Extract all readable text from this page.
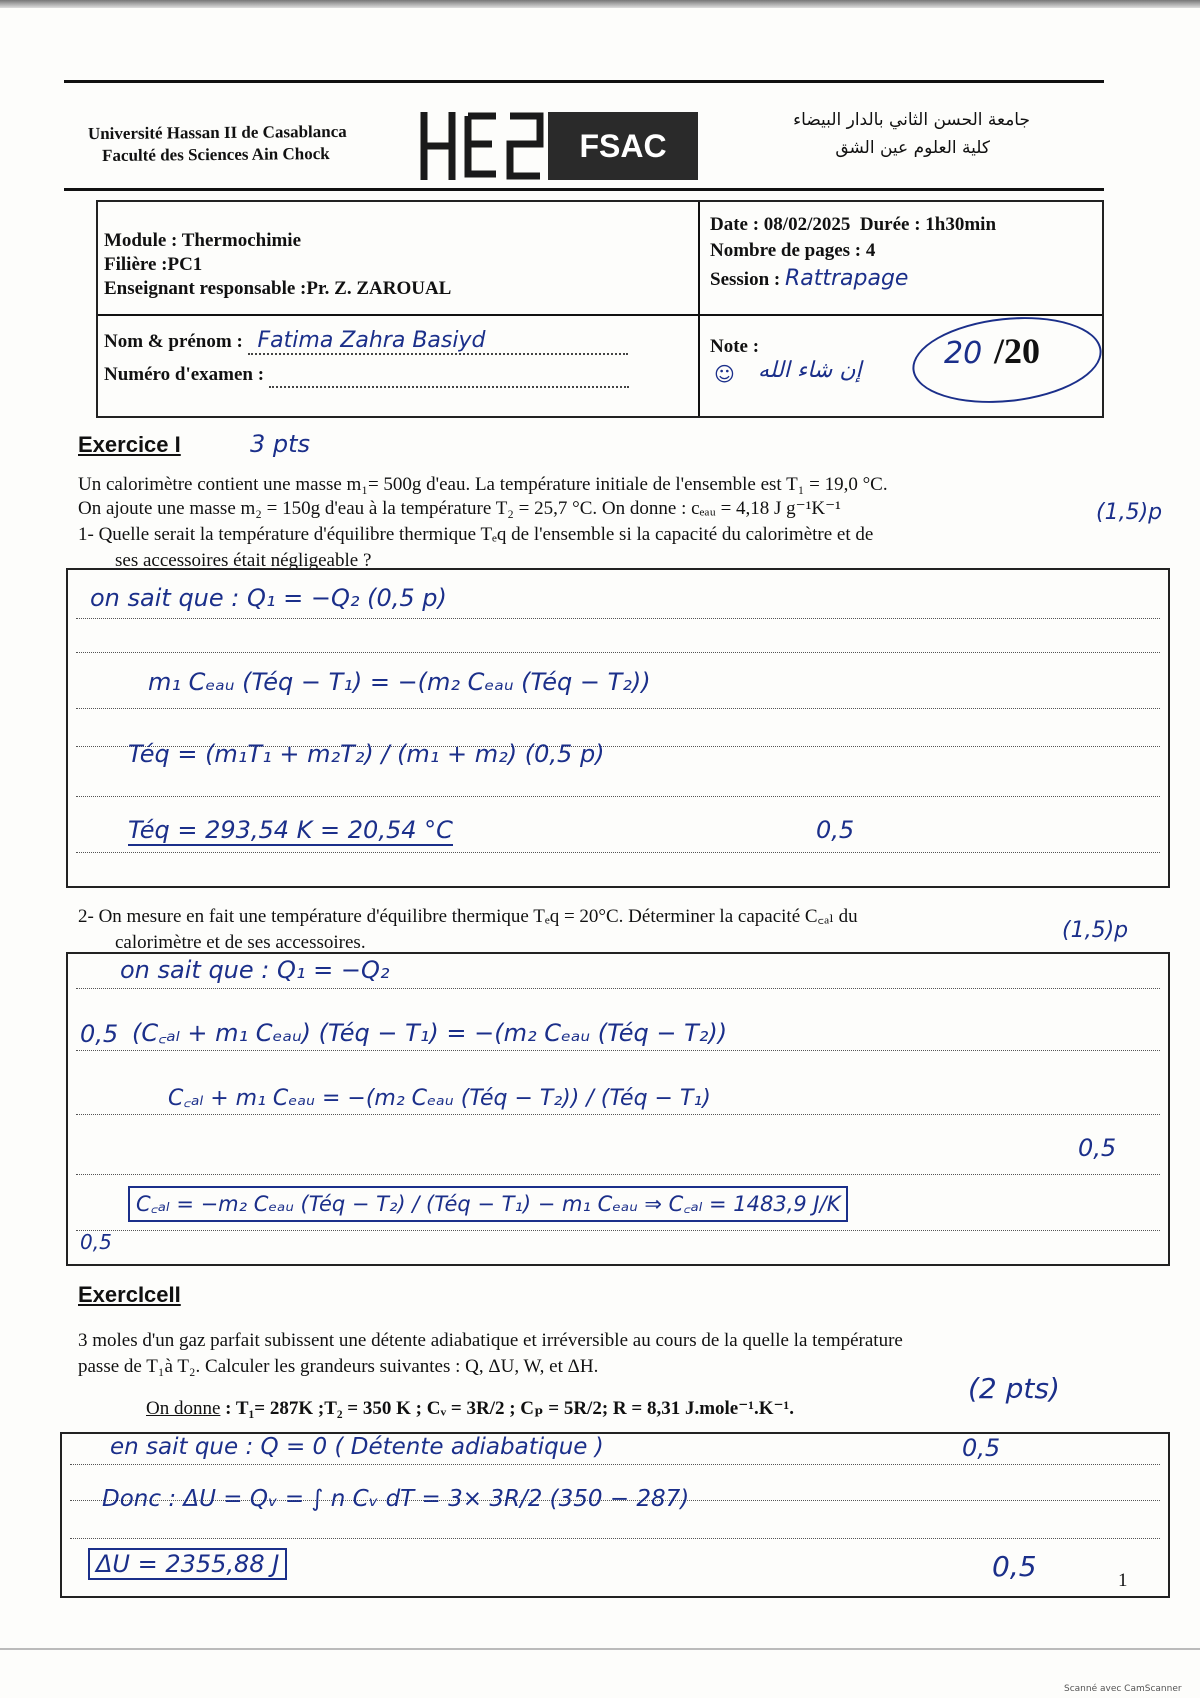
Université Hassan II de Casablanca
Faculté des Sciences Ain Chock	FSAC
جامعة الحسن الثاني بالدار البيضاء
كلية العلوم عين الشق
Module : Thermochimie
Filière :PC1
Enseignant responsable :Pr. Z. ZAROUAL
Date : 08/02/2025 Durée : 1h30min
Nombre de pages : 4
Session : Rattrapage
Nom & prénom : Fatima Zahra Basiyd
Numéro d'examen :
Note :
☺ إن شاء الله	20 /20
Exercice I	3 pts
Un calorimètre contient une masse m₁= 500g d'eau. La température initiale de l'ensemble est T₁ = 19,0 °C.
On ajoute une masse m₂ = 150g d'eau à la température T₂ = 25,7 °C. On donne : cₑₐᵤ = 4,18 J g⁻¹K⁻¹
1- Quelle serait la température d'équilibre thermique Tₑq de l'ensemble si la capacité du calorimètre et de
ses accessoires était négligeable ?
(1,5)p
on sait que : Q₁ = −Q₂ (0,5 p)
m₁ Cₑₐᵤ (Téq − T₁) = −(m₂ Cₑₐᵤ (Téq − T₂))
Téq = (m₁T₁ + m₂T₂) / (m₁ + m₂) (0,5 p)
Téq = 293,54 K = 20,54 °C	0,5
2- On mesure en fait une température d'équilibre thermique Tₑq = 20°C. Déterminer la capacité C꜀ₐₗ du
calorimètre et de ses accessoires.	(1,5)p
on sait que : Q₁ = −Q₂
(C꜀ₐₗ + m₁ Cₑₐᵤ) (Téq − T₁) = −(m₂ Cₑₐᵤ (Téq − T₂))
C꜀ₐₗ + m₁ Cₑₐᵤ = −(m₂ Cₑₐᵤ (Téq − T₂)) / (Téq − T₁)
C꜀ₐₗ = −m₂ Cₑₐᵤ (Téq − T₂) / (Téq − T₁) − m₁ Cₑₐᵤ ⇒ C꜀ₐₗ = 1483,9 J/K
0,5
0,5
0,5
ExercIceII
3 moles d'un gaz parfait subissent une détente adiabatique et irréversible au cours de la quelle la température
passe de T₁à T₂. Calculer les grandeurs suivantes : Q, ΔU, W, et ΔH.
On donne : T₁= 287K ;T₂ = 350 K ; Cᵥ = 3R/2 ; Cₚ = 5R/2; R = 8,31 J.mole⁻¹.K⁻¹.
(2 pts)
en sait que : Q = 0 ( Détente adiabatique )
Donc : ΔU = Qᵥ = ∫ n Cᵥ dT = 3× 3R/2 (350 − 287)
ΔU = 2355,88 J
0,5
0,5	1
Scanné avec CamScanner
